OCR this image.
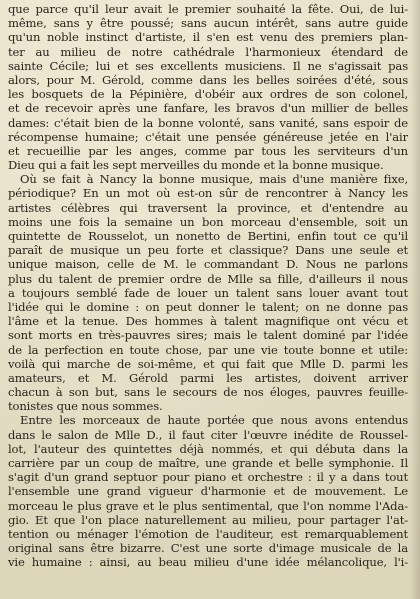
que parce qu'il leur avait le premier souhaité la fête. Oui, de lui-
même, sans y être poussé; sans aucun intérêt, sans autre guide
qu'un noble instinct d'artiste, il s'en est venu des premiers plan-
ter au milieu de notre cathédrale l'harmonieux étendard de
sainte Cécile; lui et ses excellents musiciens. Il ne s'agissait pas
alors, pour M. Gérold, comme dans les belles soirées d'été, sous
les bosquets de la Pépinière, d'obéir aux ordres de son colonel,
et de recevoir après une fanfare, les bravos d'un millier de belles
dames: c'était bien de la bonne volonté, sans vanité, sans espoir de
récompense humaine; c'était une pensée généreuse jetée en l'air
et recueillie par les anges, comme par tous les serviteurs d'un
Dieu qui a fait les sept merveilles du monde et la bonne musique.
Où se fait à Nancy la bonne musique, mais d'une manière fixe,
périodique? En un mot où est-on sûr de rencontrer à Nancy les
artistes célèbres qui traversent la province, et d'entendre au
moins une fois la semaine un bon morceau d'ensemble, soit un
quintette de Rousselot, un nonetto de Bertini, enfin tout ce qu'il
paraît de musique un peu forte et classique? Dans une seule et
unique maison, celle de M. le commandant D. Nous ne parlons
plus du talent de premier ordre de Mlle sa fille, d'ailleurs il nous
a toujours semblé fade de louer un talent sans louer avant tout
l'idée qui le domine : on peut donner le talent; on ne donne pas
l'âme et la tenue. Des hommes à talent magnifique ont vécu et
sont morts en très-pauvres sires; mais le talent dominé par l'idée
de la perfection en toute chose, par une vie toute bonne et utile:
voilà qui marche de soi-même, et qui fait que Mlle D. parmi les
amateurs, et M. Gérold parmi les artistes, doivent arriver
chacun à son but, sans le secours de nos éloges, pauvres feuille-
tonistes que nous sommes.
Entre les morceaux de haute portée que nous avons entendus
dans le salon de Mlle D., il faut citer l'œuvre inédite de Roussel-
lot, l'auteur des quintettes déjà nommés, et qui débuta dans la
carrière par un coup de maître, une grande et belle symphonie. Il
s'agit d'un grand septuor pour piano et orchestre : il y a dans tout
l'ensemble une grand vigueur d'harmonie et de mouvement. Le
morceau le plus grave et le plus sentimental, que l'on nomme l'Ada-
gio. Et que l'on place naturellement au milieu, pour partager l'at-
tention ou ménager l'émotion de l'auditeur, est remarquablement
original sans être bizarre. C'est une sorte d'image musicale de la
vie humaine : ainsi, au beau milieu d'une idée mélancolique, l'i-
